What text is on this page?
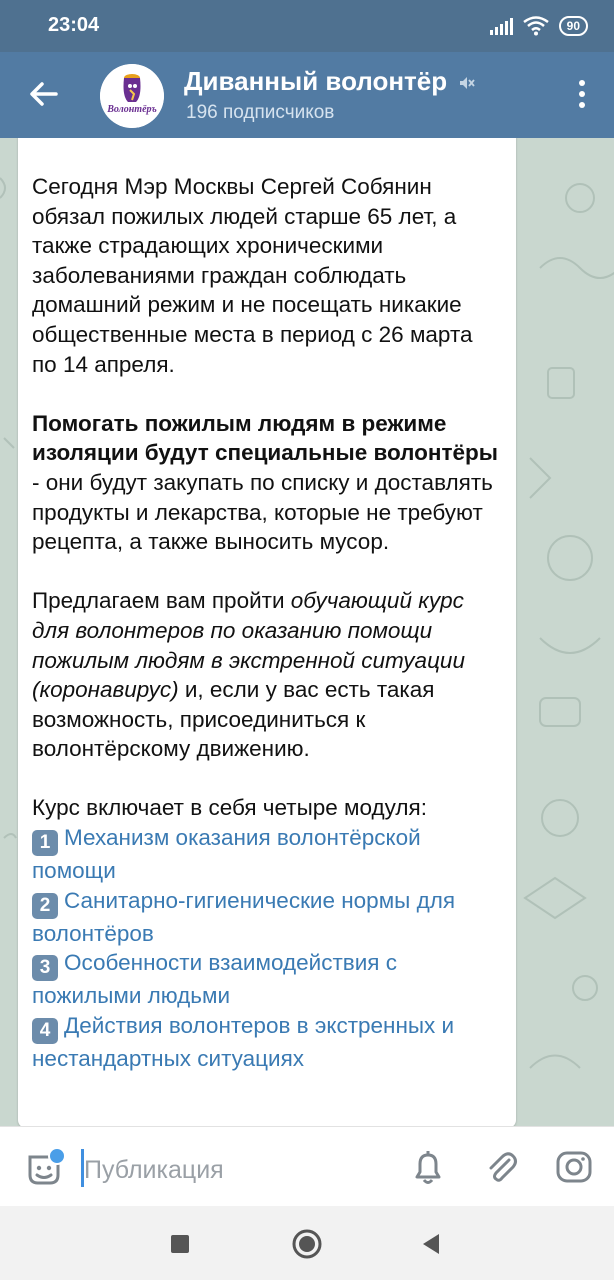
23:04	90
Волонтёръ
Диванный волонтёр
196 подписчиков

Сегодня Мэр Москвы Сергей Собянин обязал пожилых людей старше 65 лет, а также страдающих хроническими заболеваниями граждан соблюдать домашний режим и не посещать никакие общественные места в период с 26 марта по 14 апреля.

Помогать пожилым людям в режиме изоляции будут специальные волонтёры - они будут закупать по списку и доставлять продукты и лекарства, которые не требуют рецепта, а также выносить мусор.

Предлагаем вам пройти обучающий курс для волонтеров по оказанию помощи пожилым людям в экстренной ситуации (коронавирус) и, если у вас есть такая возможность, присоединиться к волонтёрскому движению.

Курс включает в себя четыре модуля:
1 Механизм оказания волонтёрской помощи
2 Санитарно-гигиенические нормы для волонтёров
3 Особенности взаимодействия с пожилыми людьми
4 Действия волонтеров в экстренных и нестандартных ситуациях

Публикация
